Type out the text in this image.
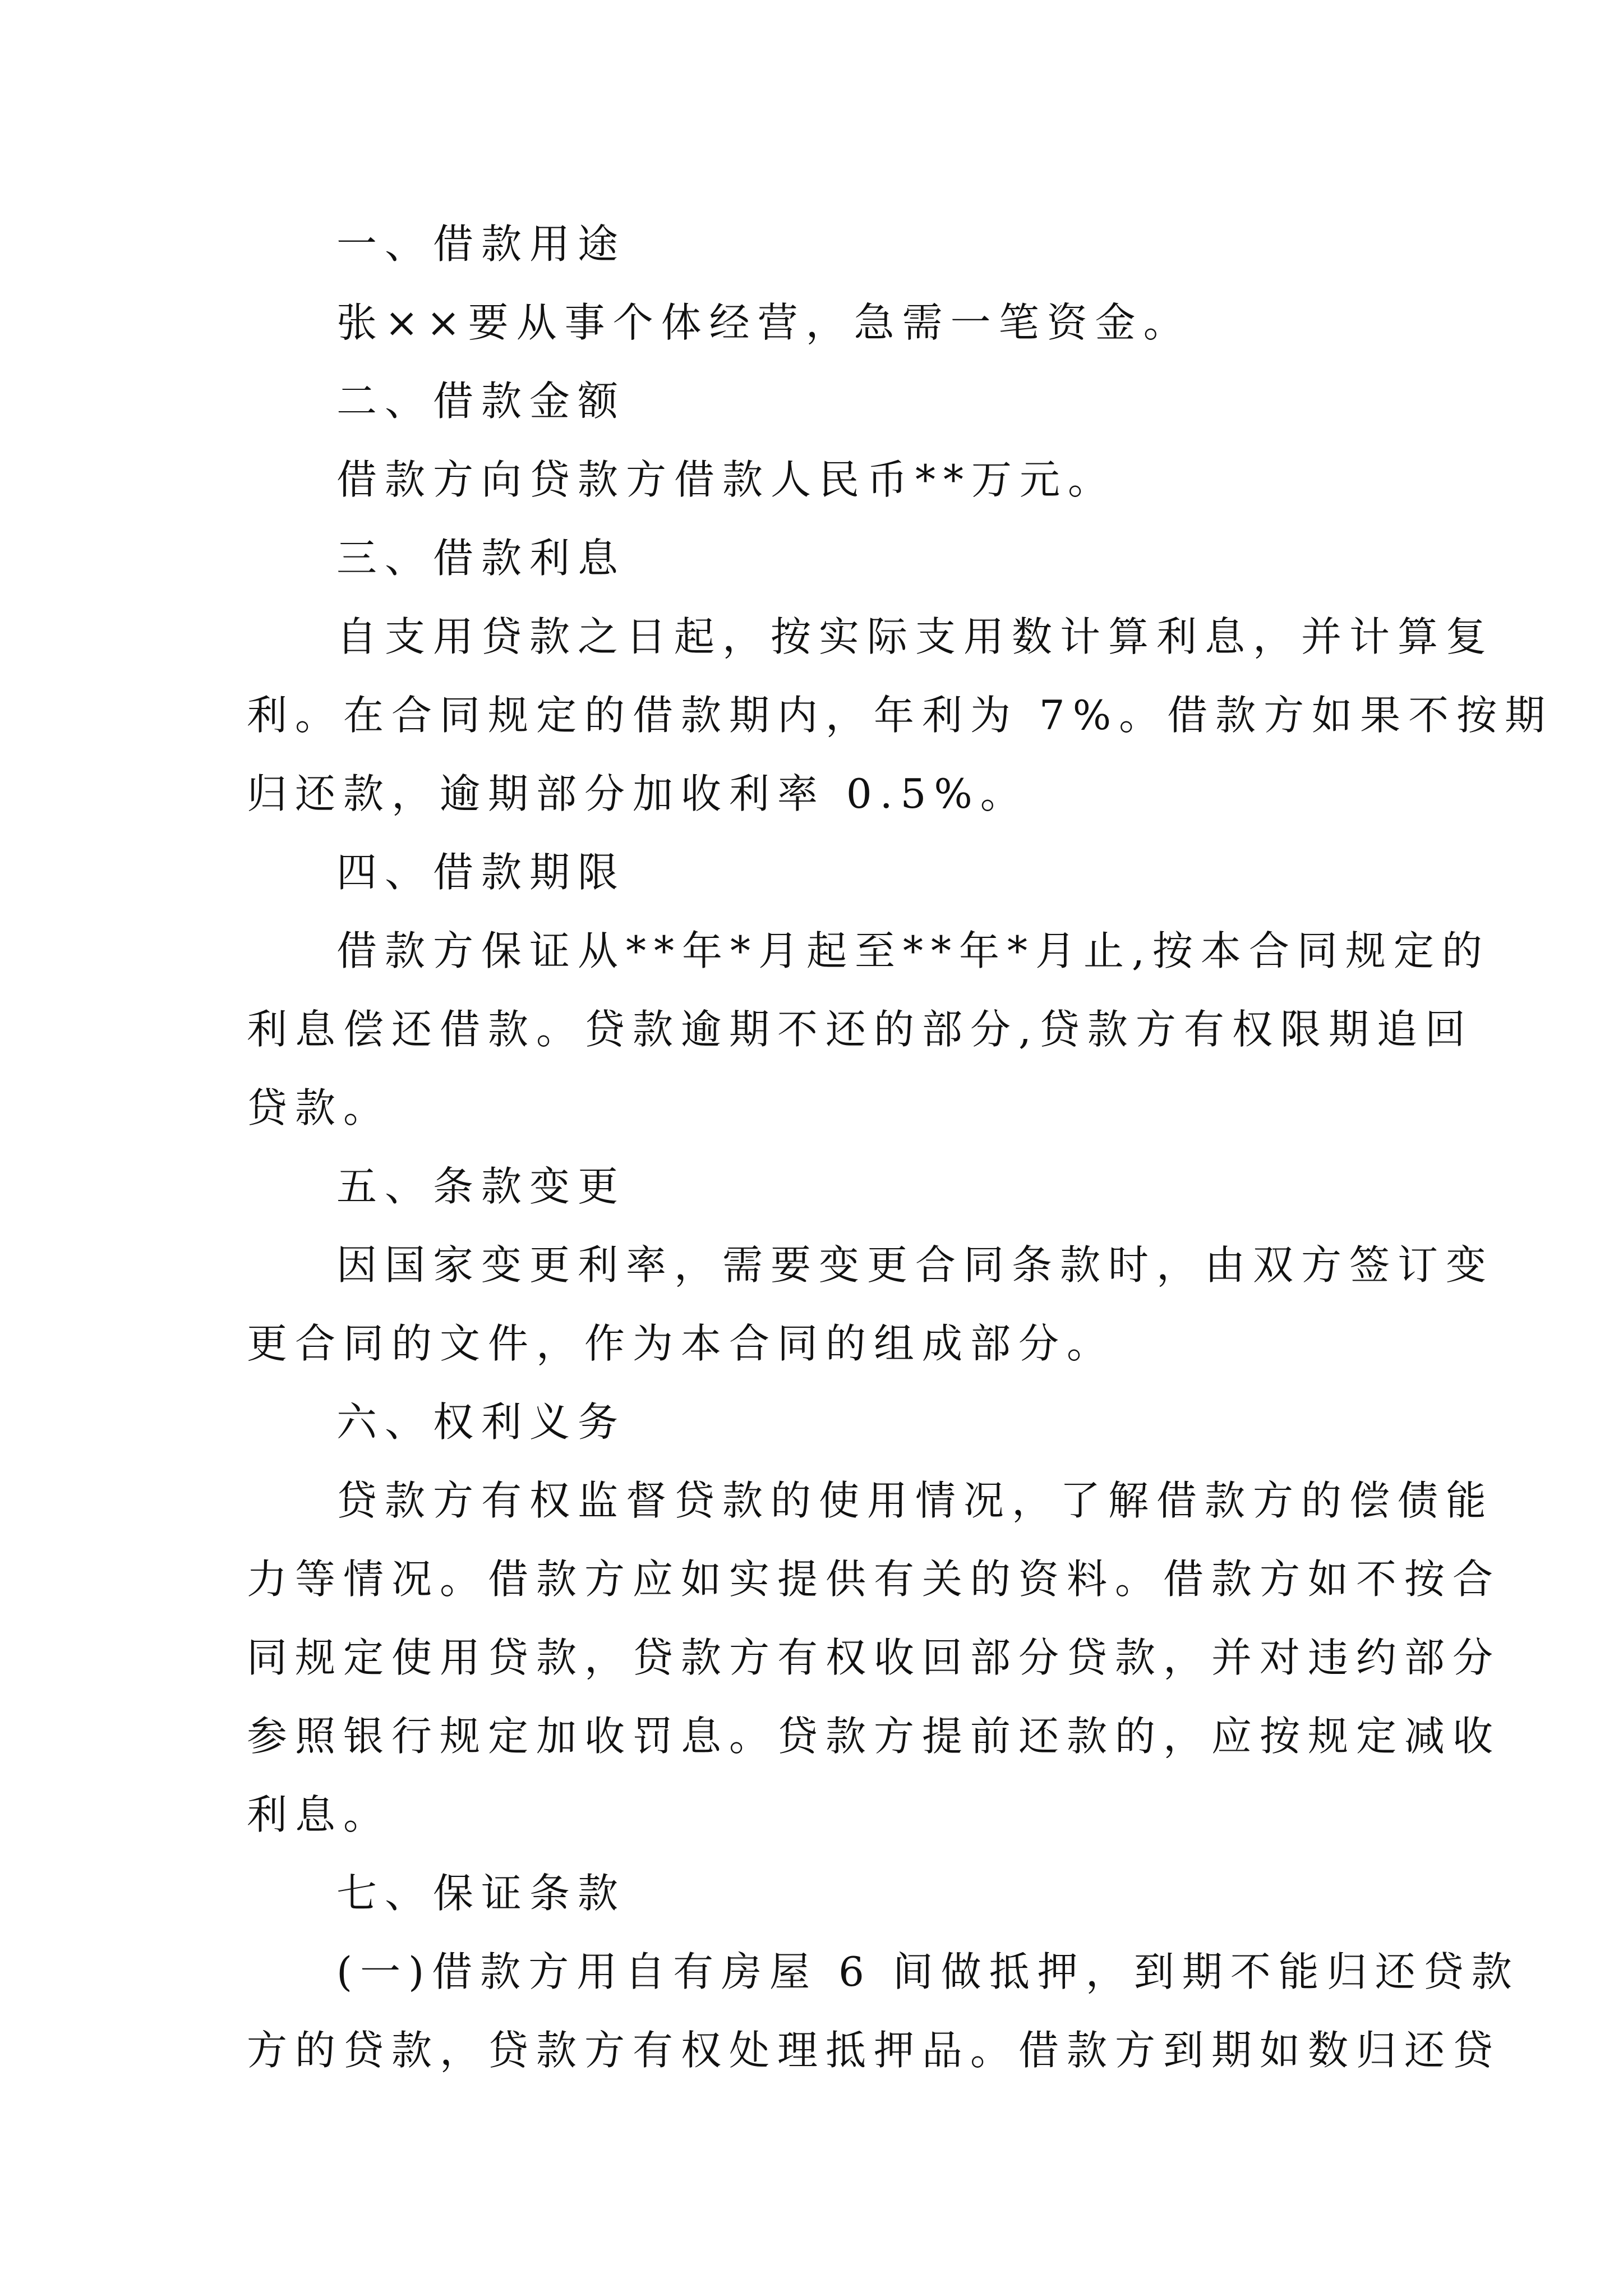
一、借款用途
张××要从事个体经营，急需一笔资金。
二、借款金额
借款方向贷款方借款人民币**万元。
三、借款利息
自支用贷款之日起，按实际支用数计算利息，并计算复
利。在合同规定的借款期内，年利为 7%。借款方如果不按期
归还款，逾期部分加收利率 0.5%。
四、借款期限
借款方保证从**年*月起至**年*月止,按本合同规定的
利息偿还借款。贷款逾期不还的部分,贷款方有权限期追回
贷款。
五、条款变更
因国家变更利率，需要变更合同条款时，由双方签订变
更合同的文件，作为本合同的组成部分。
六、权利义务
贷款方有权监督贷款的使用情况，了解借款方的偿债能
力等情况。借款方应如实提供有关的资料。借款方如不按合
同规定使用贷款，贷款方有权收回部分贷款，并对违约部分
参照银行规定加收罚息。贷款方提前还款的，应按规定减收
利息。
七、保证条款
(一)借款方用自有房屋 6 间做抵押，到期不能归还贷款
方的贷款，贷款方有权处理抵押品。借款方到期如数归还贷
